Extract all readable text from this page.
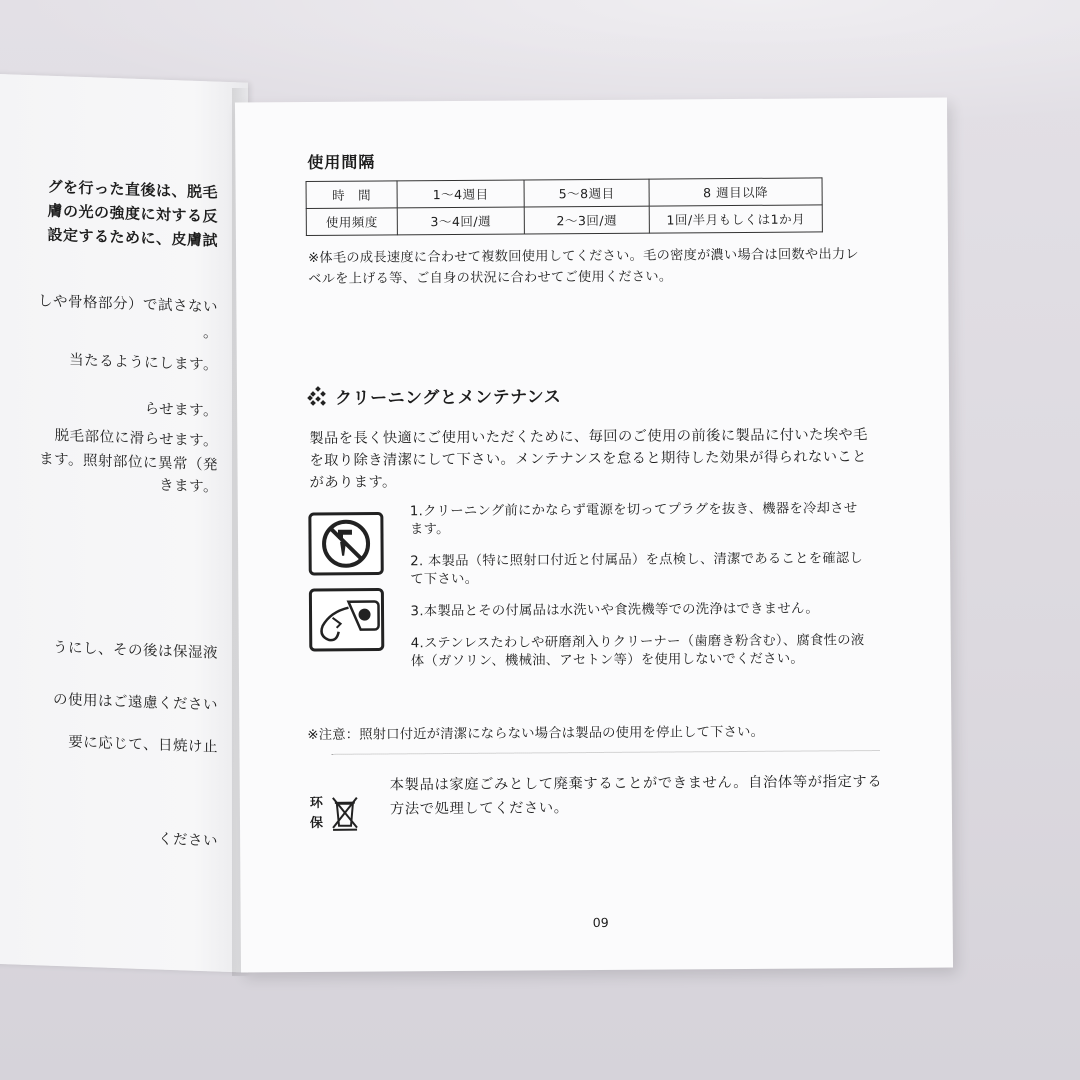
グを行った直後は、脱毛
膚の光の強度に対する反
設定するために、皮膚試
しや骨格部分）で試さない
。
当たるようにします。
らせます。
脱毛部位に滑らせます。
ます。照射部位に異常（発
きます。
うにし、その後は保湿液
の使用はご遠慮ください
要に応じて、日焼け止
ください
使用間隔
時　間	1〜4週目	5〜8週目	8 週目以降
使用頻度	3〜4回/週	2〜3回/週	1回/半月もしくは1か月
※体毛の成長速度に合わせて複数回使用してください。毛の密度が濃い場合は回数や出力レベルを上げる等、ご自身の状況に合わせてご使用ください。
クリーニングとメンテナンス
製品を長く快適にご使用いただくために、毎回のご使用の前後に製品に付いた埃や毛を取り除き清潔にして下さい。メンテナンスを怠ると期待した効果が得られないことがあります。
1.クリーニング前にかならず電源を切ってプラグを抜き、機器を冷却させます。
2. 本製品（特に照射口付近と付属品）を点検し、清潔であることを確認して下さい。
3.本製品とその付属品は水洗いや食洗機等での洗浄はできません。
4.ステンレスたわしや研磨剤入りクリーナー（歯磨き粉含む）、腐食性の液体（ガソリン、機械油、アセトン等）を使用しないでください。
※注意：照射口付近が清潔にならない場合は製品の使用を停止して下さい。
环
保
本製品は家庭ごみとして廃棄することができません。自治体等が指定する方法で処理してください。
09
